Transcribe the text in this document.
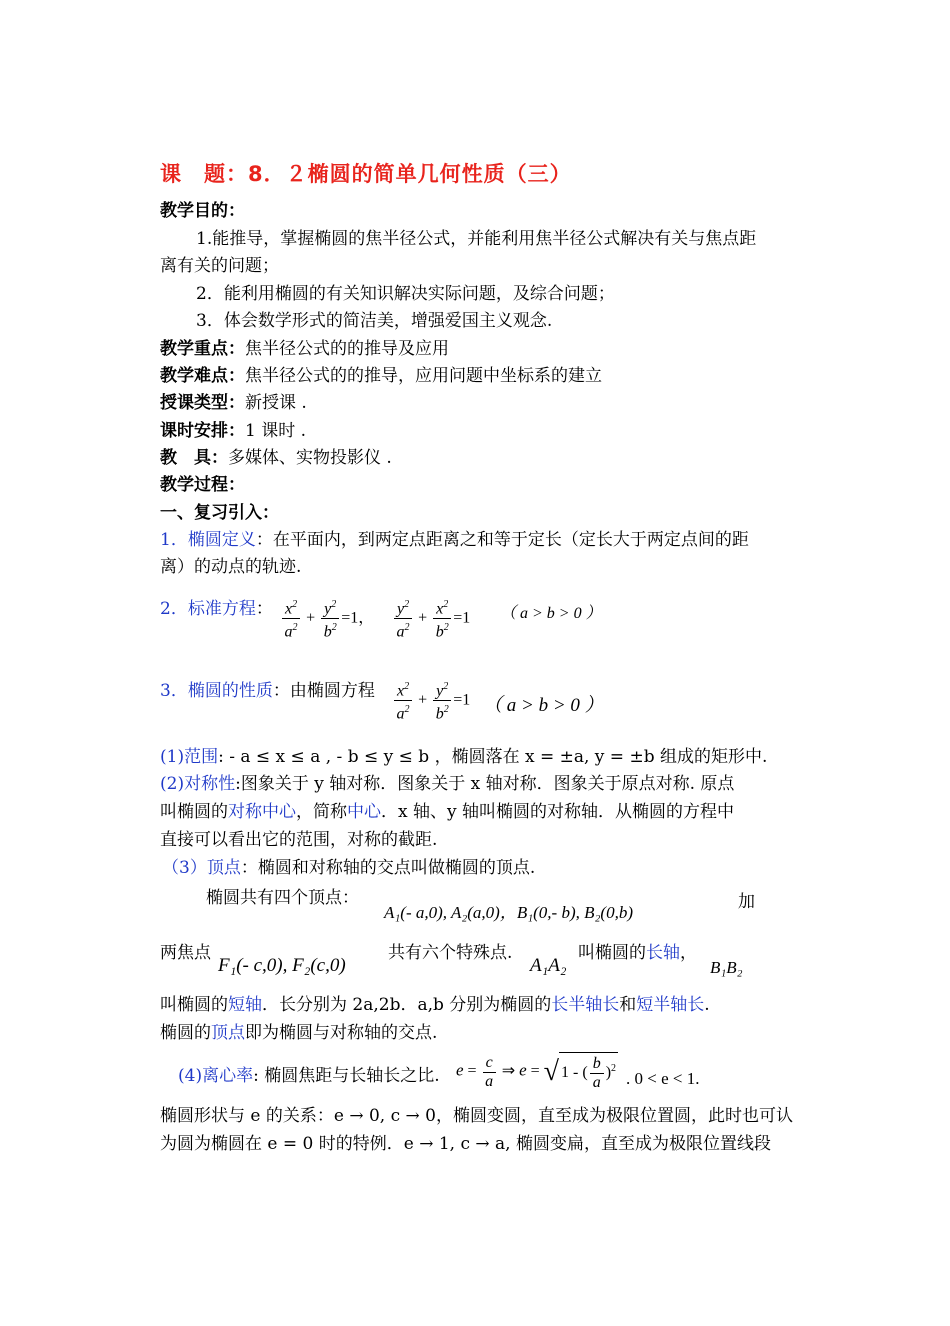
课　题：8．２椭圆的简单几何性质（三）
教学目的：
1.能推导，掌握椭圆的焦半径公式，并能利用焦半径公式解决有关与焦点距
离有关的问题；
2．能利用椭圆的有关知识解决实际问题，及综合问题；
3．体会数学形式的简洁美，增强爱国主义观念.
教学重点：焦半径公式的的推导及应用
教学难点：焦半径公式的的推导，应用问题中坐标系的建立
授课类型：新授课 .
课时安排：1 课时 .
教　具：多媒体、实物投影仪 .
教学过程：
一、复习引入：
1．椭圆定义：在平面内，到两定点距离之和等于定长（定长大于两定点间的距
离）的动点的轨迹.
2．标准方程： $\frac{x^2}{a^2} + \frac{y^2}{b^2} =1$， $\frac{y^2}{a^2} + \frac{x^2}{b^2} =1$ （ a > b > 0 ）
3．椭圆的性质：由椭圆方程 $\frac{x^2}{a^2} + \frac{y^2}{b^2} =1$ （ a > b > 0 ）
(1)范围: - a ≤ x ≤ a , - b ≤ y ≤ b ，椭圆落在 x = ±a, y = ±b 组成的矩形中.
(2)对称性:图象关于 y 轴对称．图象关于 x 轴对称．图象关于原点对称. 原点
叫椭圆的对称中心，简称中心．x 轴、y 轴叫椭圆的对称轴．从椭圆的方程中
直接可以看出它的范围，对称的截距.
（3）顶点：椭圆和对称轴的交点叫做椭圆的顶点.
椭圆共有四个顶点：
A₁(- a,0), A₂(a,0)，B₁(0,- b), B₂(0,b)
加
两焦点
F₁(- c,0), F₂(c,0)
共有六个特殊点.
A₁A₂
叫椭圆的长轴，
B₁B₂
叫椭圆的短轴．长分别为 2a,2b．a,b 分别为椭圆的长半轴长和短半轴长.
椭圆的顶点即为椭圆与对称轴的交点.
(4)离心率: 椭圆焦距与长轴长之比. $e = \frac{c}{a}$ ⇒ e = √ 1 - ( $\frac{b}{a} )^2$
. 0 < e < 1.
椭圆形状与 e 的关系：e → 0, c → 0，椭圆变圆，直至成为极限位置圆，此时也可认
为圆为椭圆在 e = 0 时的特例．e → 1, c → a, 椭圆变扁，直至成为极限位置线段
